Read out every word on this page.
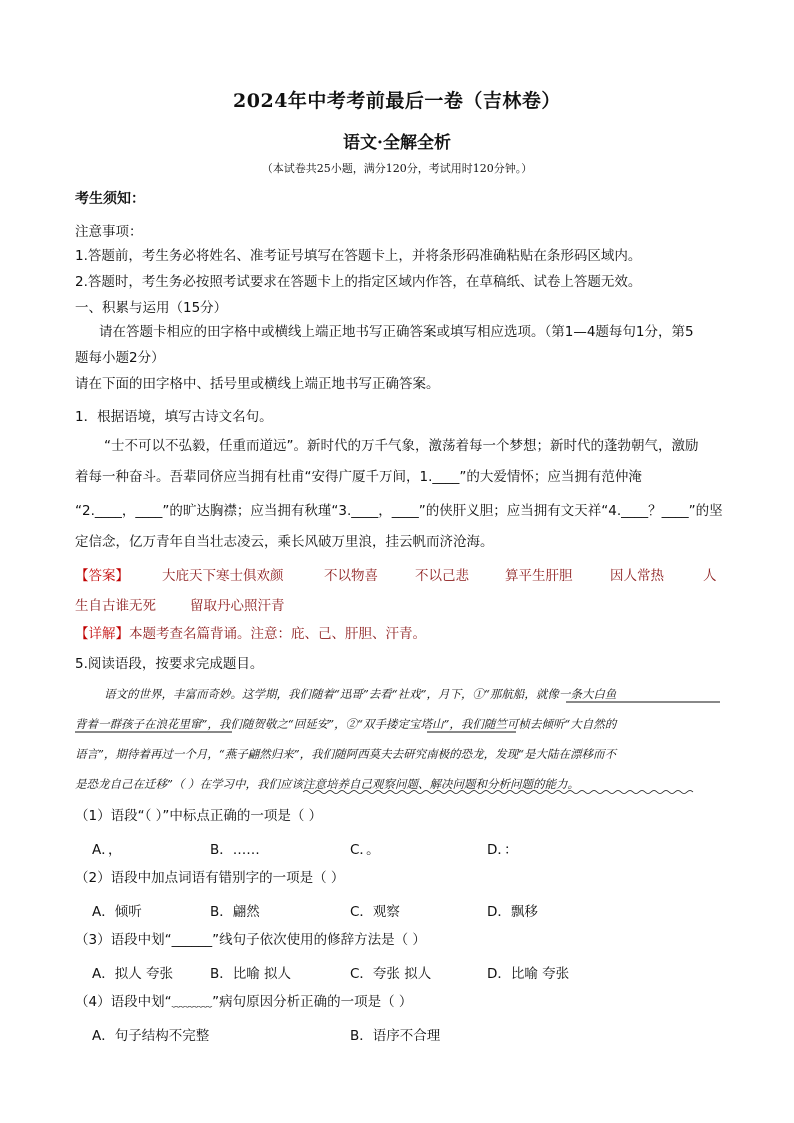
2024年中考考前最后一卷（吉林卷）
语文·全解全析
（本试卷共25小题，满分120分，考试用时120分钟。）
考生须知：
注意事项：
1.答题前，考生务必将姓名、准考证号填写在答题卡上，并将条形码准确粘贴在条形码区域内。
2.答题时，考生务必按照考试要求在答题卡上的指定区域内作答，在草稿纸、试卷上答题无效。
一、积累与运用（15分）
请在答题卡相应的田字格中或横线上端正地书写正确答案或填写相应选项。（第1—4题每句1分，第5
题每小题2分）
请在下面的田字格中、括号里或横线上端正地书写正确答案。
1．根据语境，填写古诗文名句。
“士不可以不弘毅，任重而道远”。新时代的万千气象，激荡着每一个梦想；新时代的蓬勃朝气，激励
着每一种奋斗。吾辈同侪应当拥有杜甫“安得广厦千万间，1.____”的大爱情怀；应当拥有范仲淹
“2.____，____”的旷达胸襟；应当拥有秋瑾“3.____，____”的侠肝义胆；应当拥有文天祥“4.____？____”的坚
定信念，亿万青年自当壮志凌云，乘长风破万里浪，挂云帆而济沧海。
【答案】 大庇天下寒士俱欢颜	不以物喜	不以己悲	算平生肝胆	因人常热	人
生自古谁无死	留取丹心照汗青
【详解】本题考查名篇背诵。注意：庇、己、肝胆、汗青。
5.阅读语段，按要求完成题目。
语文的世界，丰富而奇妙。这学期，我们随着“迅哥”去看“社戏”，月下，①“那航船，就像一条大白鱼
背着一群孩子在浪花里窜”，我们随贺敬之“回延安”，②“双手搂定宝塔山”，我们随竺可桢去倾听“大自然的
语言”，期待着再过一个月，“燕子翩然归来”，我们随阿西莫夫去研究南极的恐龙，发现“是大陆在漂移而不
是恐龙自己在迁移”（ ）在学习中，我们应该注意培养自己观察问题、解决问题和分析问题的能力。
（1）语段“（ ）”中标点正确的一项是（ ）
A．，	B．……	C．。	D．：
（2）语段中加点词语有错别字的一项是（ ）
A．倾听	B．翩然	C．观察	D．飘移
（3）语段中划“______”线句子依次使用的修辞方法是（ ）
A．拟人 夸张	B．比喻 拟人	C．夸张 拟人	D．比喻 夸张
（4）语段中划“﹏﹏﹏”病句原因分析正确的一项是（ ）
A．句子结构不完整	B．语序不合理
